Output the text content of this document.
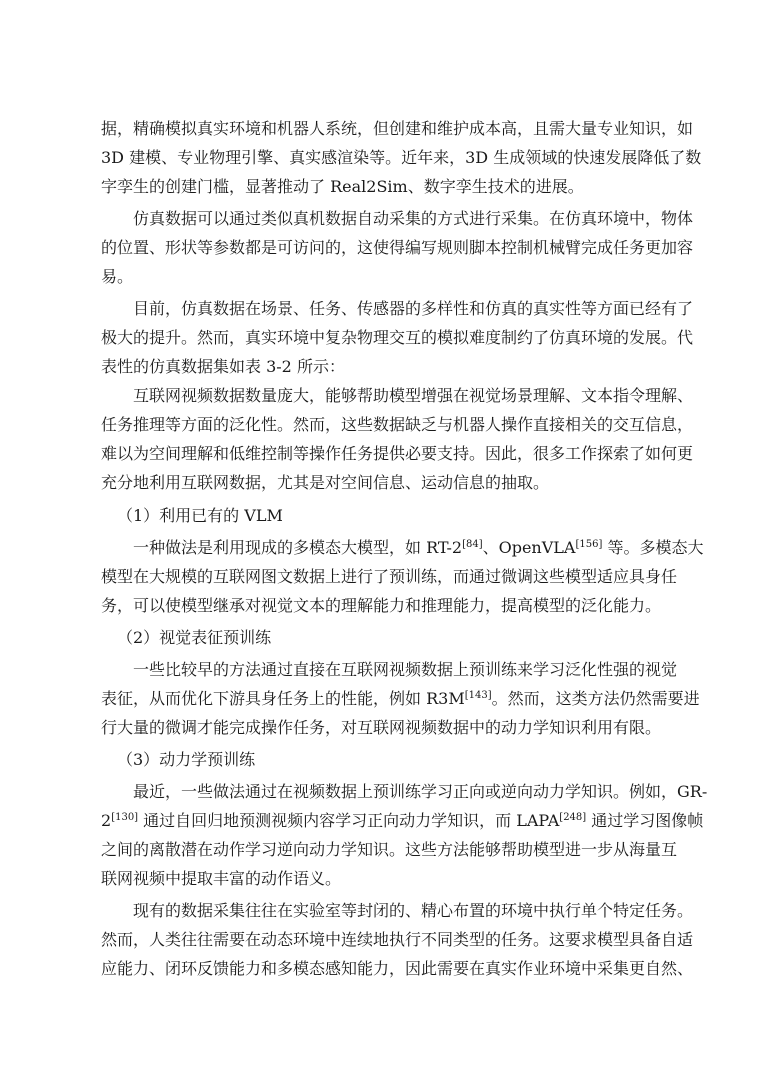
据，精确模拟真实环境和机器人系统，但创建和维护成本高，且需大量专业知识，如
3D 建模、专业物理引擎、真实感渲染等。近年来，3D 生成领域的快速发展降低了数
字孪生的创建门槛，显著推动了 Real2Sim、数字孪生技术的进展。
仿真数据可以通过类似真机数据自动采集的方式进行采集。在仿真环境中，物体
的位置、形状等参数都是可访问的，这使得编写规则脚本控制机械臂完成任务更加容
易。
目前，仿真数据在场景、任务、传感器的多样性和仿真的真实性等方面已经有了
极大的提升。然而，真实环境中复杂物理交互的模拟难度制约了仿真环境的发展。代
表性的仿真数据集如表 3-2 所示：
互联网视频数据数量庞大，能够帮助模型增强在视觉场景理解、文本指令理解、
任务推理等方面的泛化性。然而，这些数据缺乏与机器人操作直接相关的交互信息，
难以为空间理解和低维控制等操作任务提供必要支持。因此，很多工作探索了如何更
充分地利用互联网数据，尤其是对空间信息、运动信息的抽取。
（1）利用已有的 VLM
一种做法是利用现成的多模态大模型，如 RT-2[84]、OpenVLA[156] 等。多模态大
模型在大规模的互联网图文数据上进行了预训练，而通过微调这些模型适应具身任
务，可以使模型继承对视觉文本的理解能力和推理能力，提高模型的泛化能力。
（2）视觉表征预训练
一些比较早的方法通过直接在互联网视频数据上预训练来学习泛化性强的视觉
表征，从而优化下游具身任务上的性能，例如 R3M[143]。然而，这类方法仍然需要进
行大量的微调才能完成操作任务，对互联网视频数据中的动力学知识利用有限。
（3）动力学预训练
最近，一些做法通过在视频数据上预训练学习正向或逆向动力学知识。例如，GR-
2[130] 通过自回归地预测视频内容学习正向动力学知识，而 LAPA[248] 通过学习图像帧
之间的离散潜在动作学习逆向动力学知识。这些方法能够帮助模型进一步从海量互
联网视频中提取丰富的动作语义。
现有的数据采集往往在实验室等封闭的、精心布置的环境中执行单个特定任务。
然而，人类往往需要在动态环境中连续地执行不同类型的任务。这要求模型具备自适
应能力、闭环反馈能力和多模态感知能力，因此需要在真实作业环境中采集更自然、
